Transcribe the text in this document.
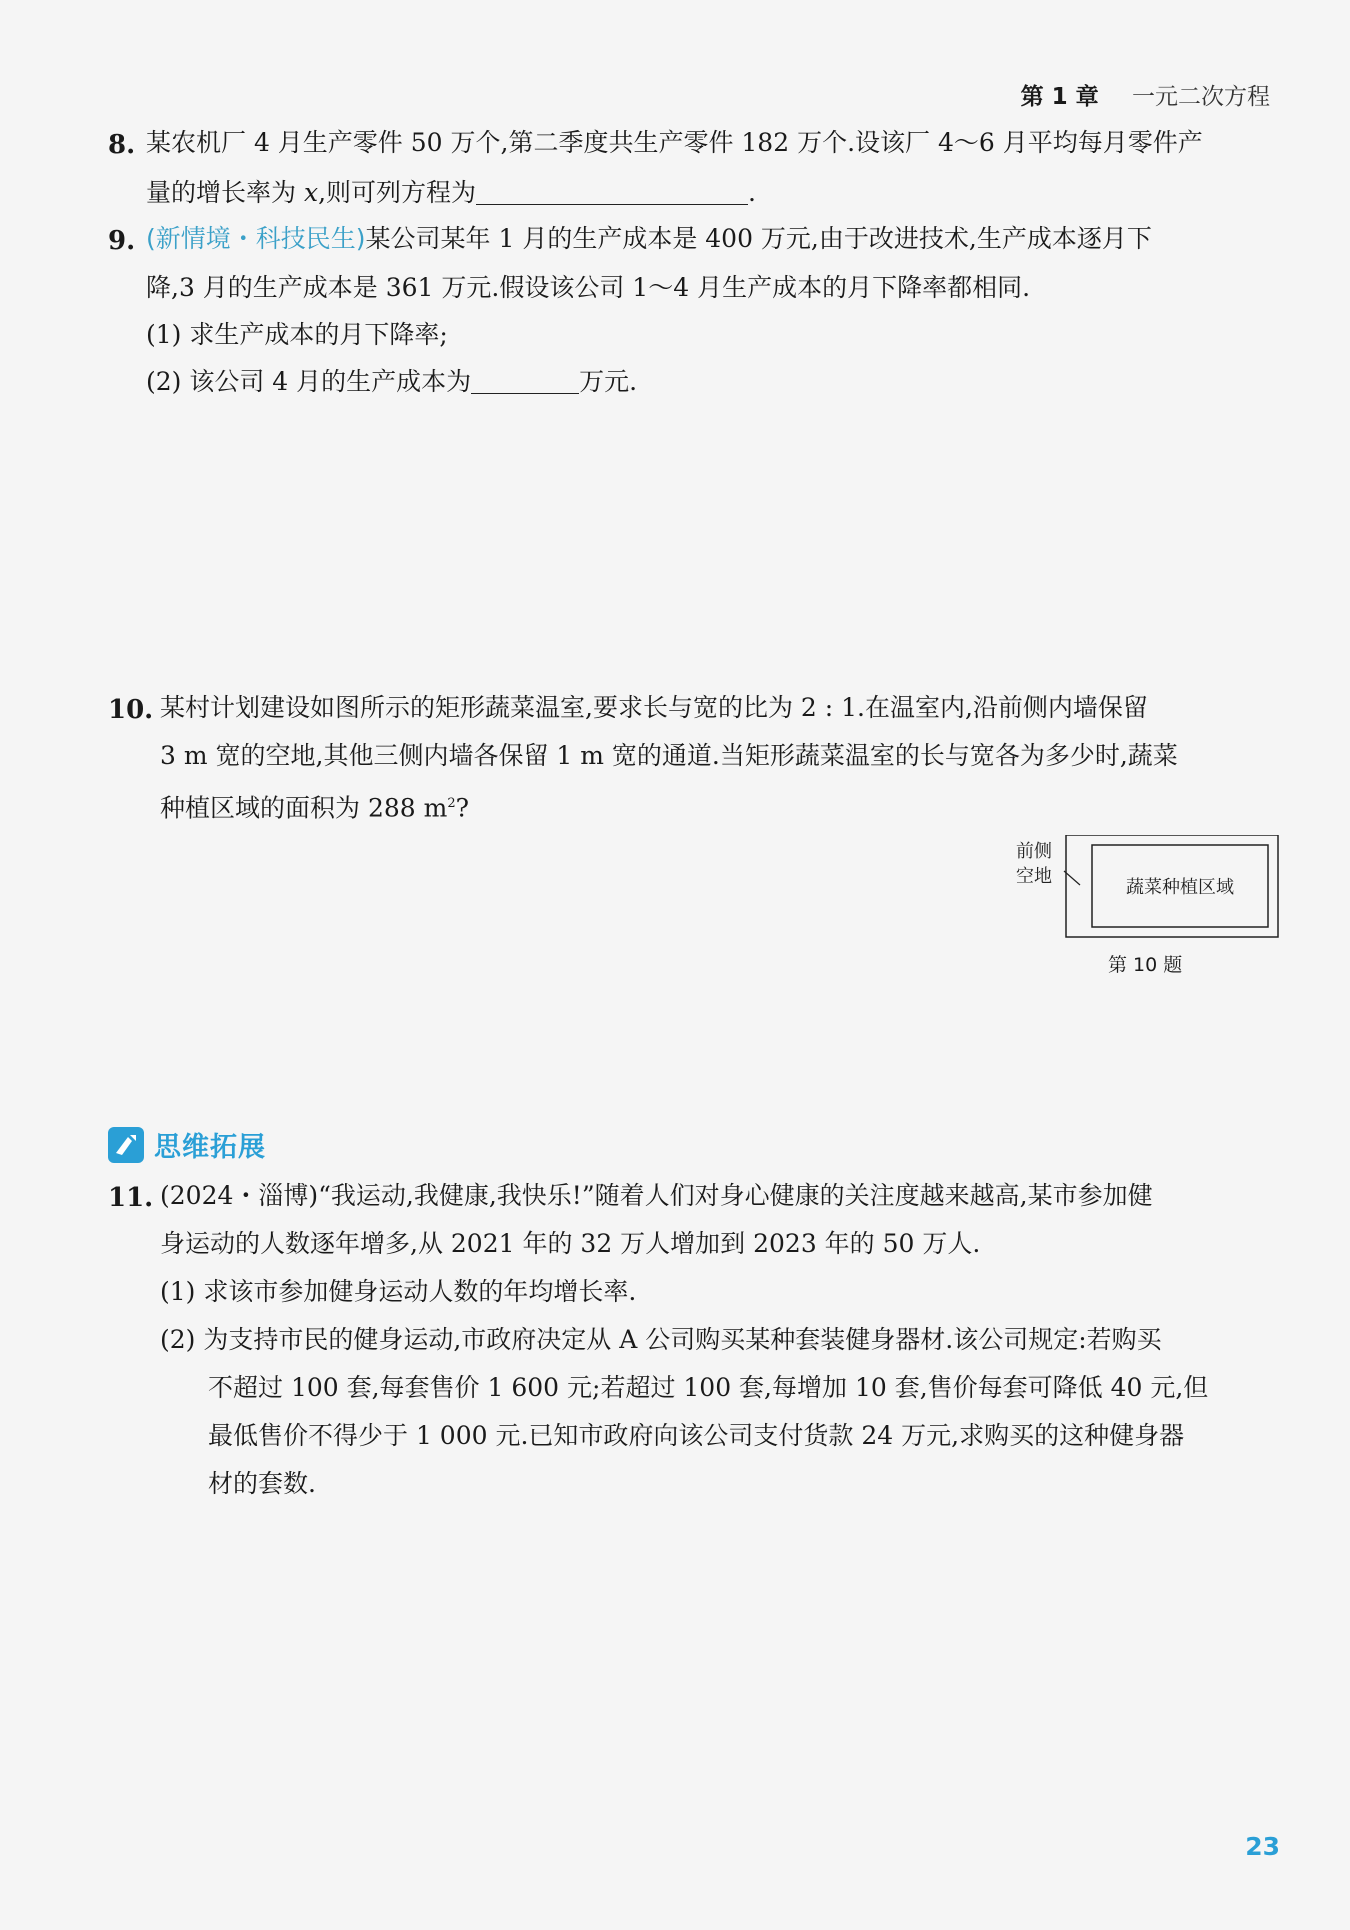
第 1 章 一元二次方程
8. 某农机厂 4 月生产零件 50 万个,第二季度共生产零件 182 万个.设该厂 4～6 月平均每月零件产
量的增长率为 x,则可列方程为	.
9. (新情境・科技民生)某公司某年 1 月的生产成本是 400 万元,由于改进技术,生产成本逐月下
降,3 月的生产成本是 361 万元.假设该公司 1～4 月生产成本的月下降率都相同.
(1) 求生产成本的月下降率;
(2) 该公司 4 月的生产成本为	万元.
10. 某村计划建设如图所示的矩形蔬菜温室,要求长与宽的比为 2 : 1.在温室内,沿前侧内墙保留
3 m 宽的空地,其他三侧内墙各保留 1 m 宽的通道.当矩形蔬菜温室的长与宽各为多少时,蔬菜
种植区域的面积为 288 $m^2$?
前侧
空地
蔬菜种植区域
第 10 题
思维拓展
11. (2024・淄博)“我运动,我健康,我快乐!”随着人们对身心健康的关注度越来越高,某市参加健
身运动的人数逐年增多,从 2021 年的 32 万人增加到 2023 年的 50 万人.
(1) 求该市参加健身运动人数的年均增长率.
(2) 为支持市民的健身运动,市政府决定从 A 公司购买某种套装健身器材.该公司规定:若购买
不超过 100 套,每套售价 1 600 元;若超过 100 套,每增加 10 套,售价每套可降低 40 元,但
最低售价不得少于 1 000 元.已知市政府向该公司支付货款 24 万元,求购买的这种健身器
材的套数.
23
